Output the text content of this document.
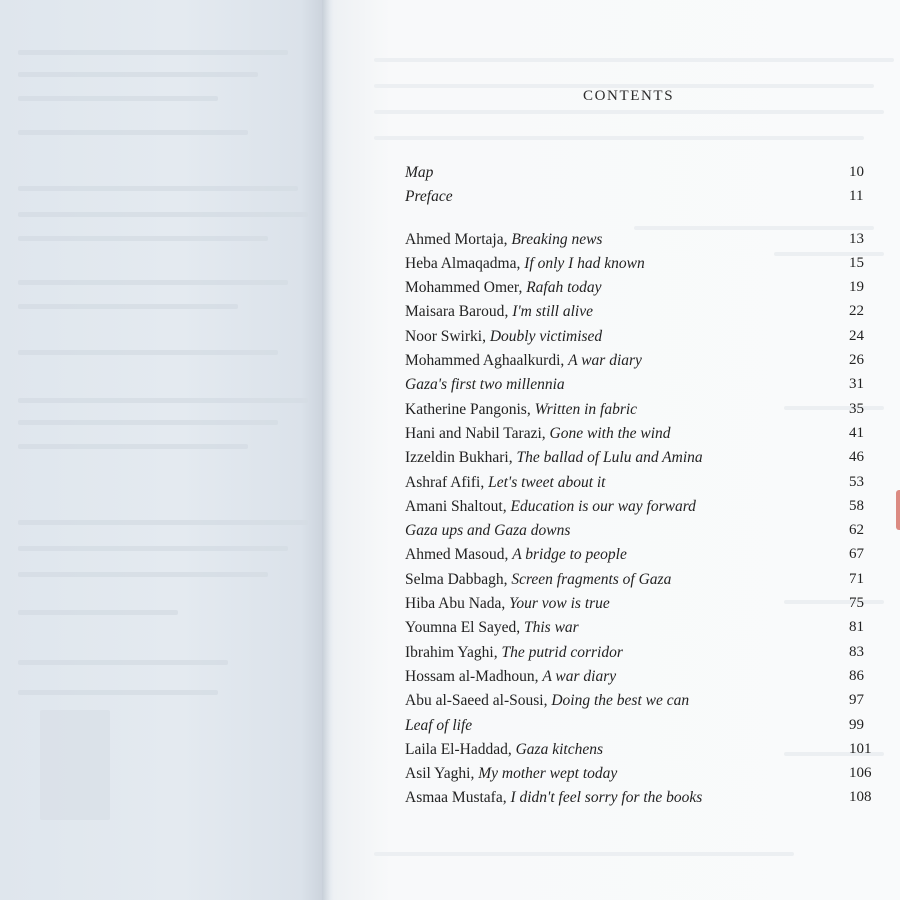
CONTENTS
Map	10
Preface	11
Ahmed Mortaja, Breaking news	13
Heba Almaqadma, If only I had known	15
Mohammed Omer, Rafah today	19
Maisara Baroud, I'm still alive	22
Noor Swirki, Doubly victimised	24
Mohammed Aghaalkurdi, A war diary	26
Gaza's first two millennia	31
Katherine Pangonis, Written in fabric	35
Hani and Nabil Tarazi, Gone with the wind	41
Izzeldin Bukhari, The ballad of Lulu and Amina	46
Ashraf Afifi, Let's tweet about it	53
Amani Shaltout, Education is our way forward	58
Gaza ups and Gaza downs	62
Ahmed Masoud, A bridge to people	67
Selma Dabbagh, Screen fragments of Gaza	71
Hiba Abu Nada, Your vow is true	75
Youmna El Sayed, This war	81
Ibrahim Yaghi, The putrid corridor	83
Hossam al-Madhoun, A war diary	86
Abu al-Saeed al-Sousi, Doing the best we can	97
Leaf of life	99
Laila El-Haddad, Gaza kitchens	101
Asil Yaghi, My mother wept today	106
Asmaa Mustafa, I didn't feel sorry for the books	108
